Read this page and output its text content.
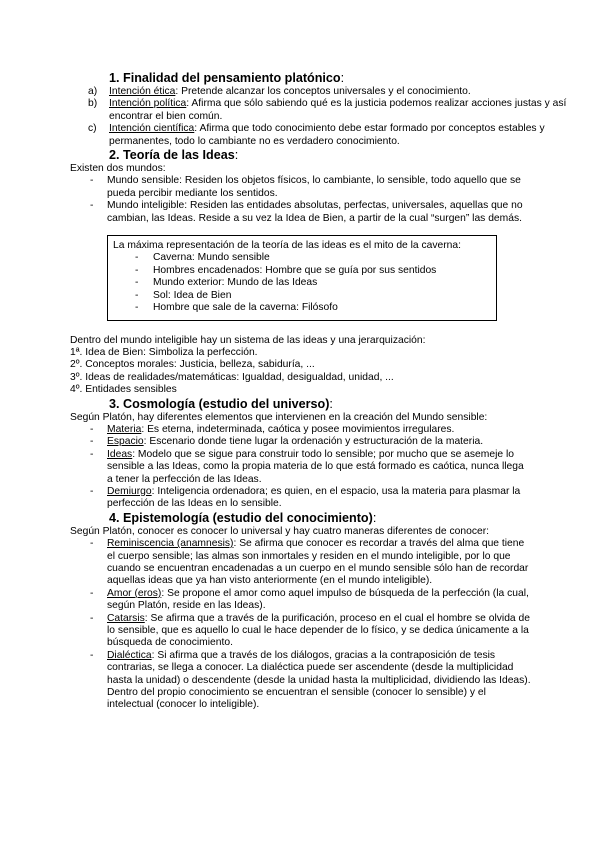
1. Finalidad del pensamiento platónico:
a) Intención ética: Pretende alcanzar los conceptos universales y el conocimiento.
b) Intención política: Afirma que sólo sabiendo qué es la justicia podemos realizar acciones justas y así encontrar el bien común.
c) Intención científica: Afirma que todo conocimiento debe estar formado por conceptos estables y permanentes, todo lo cambiante no es verdadero conocimiento.
2. Teoría de las Ideas:
Existen dos mundos:
- Mundo sensible: Residen los objetos físicos, lo cambiante, lo sensible, todo aquello que se pueda percibir mediante los sentidos.
- Mundo inteligible: Residen las entidades absolutas, perfectas, universales, aquellas que no cambian, las Ideas. Reside a su vez la Idea de Bien, a partir de la cual “surgen” las demás.
La máxima representación de la teoría de las ideas es el mito de la caverna:
- Caverna: Mundo sensible
- Hombres encadenados: Hombre que se guía por sus sentidos
- Mundo exterior: Mundo de las Ideas
- Sol: Idea de Bien
- Hombre que sale de la caverna: Filósofo
Dentro del mundo inteligible hay un sistema de las ideas y una jerarquización:
1ª. Idea de Bien: Simboliza la perfección.
2º. Conceptos morales: Justicia, belleza, sabiduría, ...
3º. Ideas de realidades/matemáticas: Igualdad, desigualdad, unidad, ...
4º. Entidades sensibles
3. Cosmología (estudio del universo):
Según Platón, hay diferentes elementos que intervienen en la creación del Mundo sensible:
- Materia: Es eterna, indeterminada, caótica y posee movimientos irregulares.
- Espacio: Escenario donde tiene lugar la ordenación y estructuración de la materia.
- Ideas: Modelo que se sigue para construir todo lo sensible; por mucho que se asemeje lo sensible a las Ideas, como la propia materia de lo que está formado es caótica, nunca llega a tener la perfección de las Ideas.
- Demiurgo: Inteligencia ordenadora; es quien, en el espacio, usa la materia para plasmar la perfección de las Ideas en lo sensible.
4. Epistemología (estudio del conocimiento):
Según Platón, conocer es conocer lo universal y hay cuatro maneras diferentes de conocer:
- Reminiscencia (anamnesis): Se afirma que conocer es recordar a través del alma que tiene el cuerpo sensible; las almas son inmortales y residen en el mundo inteligible, por lo que cuando se encuentran encadenadas a un cuerpo en el mundo sensible sólo han de recordar aquellas ideas que ya han visto anteriormente (en el mundo inteligible).
- Amor (eros): Se propone el amor como aquel impulso de búsqueda de la perfección (la cual, según Platón, reside en las Ideas).
- Catarsis: Se afirma que a través de la purificación, proceso en el cual el hombre se olvida de lo sensible, que es aquello lo cual le hace depender de lo físico, y se dedica únicamente a la búsqueda de conocimiento.
- Dialéctica: Si afirma que a través de los diálogos, gracias a la contraposición de tesis contrarias, se llega a conocer. La dialéctica puede ser ascendente (desde la multiplicidad hasta la unidad) o descendente (desde la unidad hasta la multiplicidad, dividiendo las Ideas).
Dentro del propio conocimiento se encuentran el sensible (conocer lo sensible) y el intelectual (conocer lo inteligible).
